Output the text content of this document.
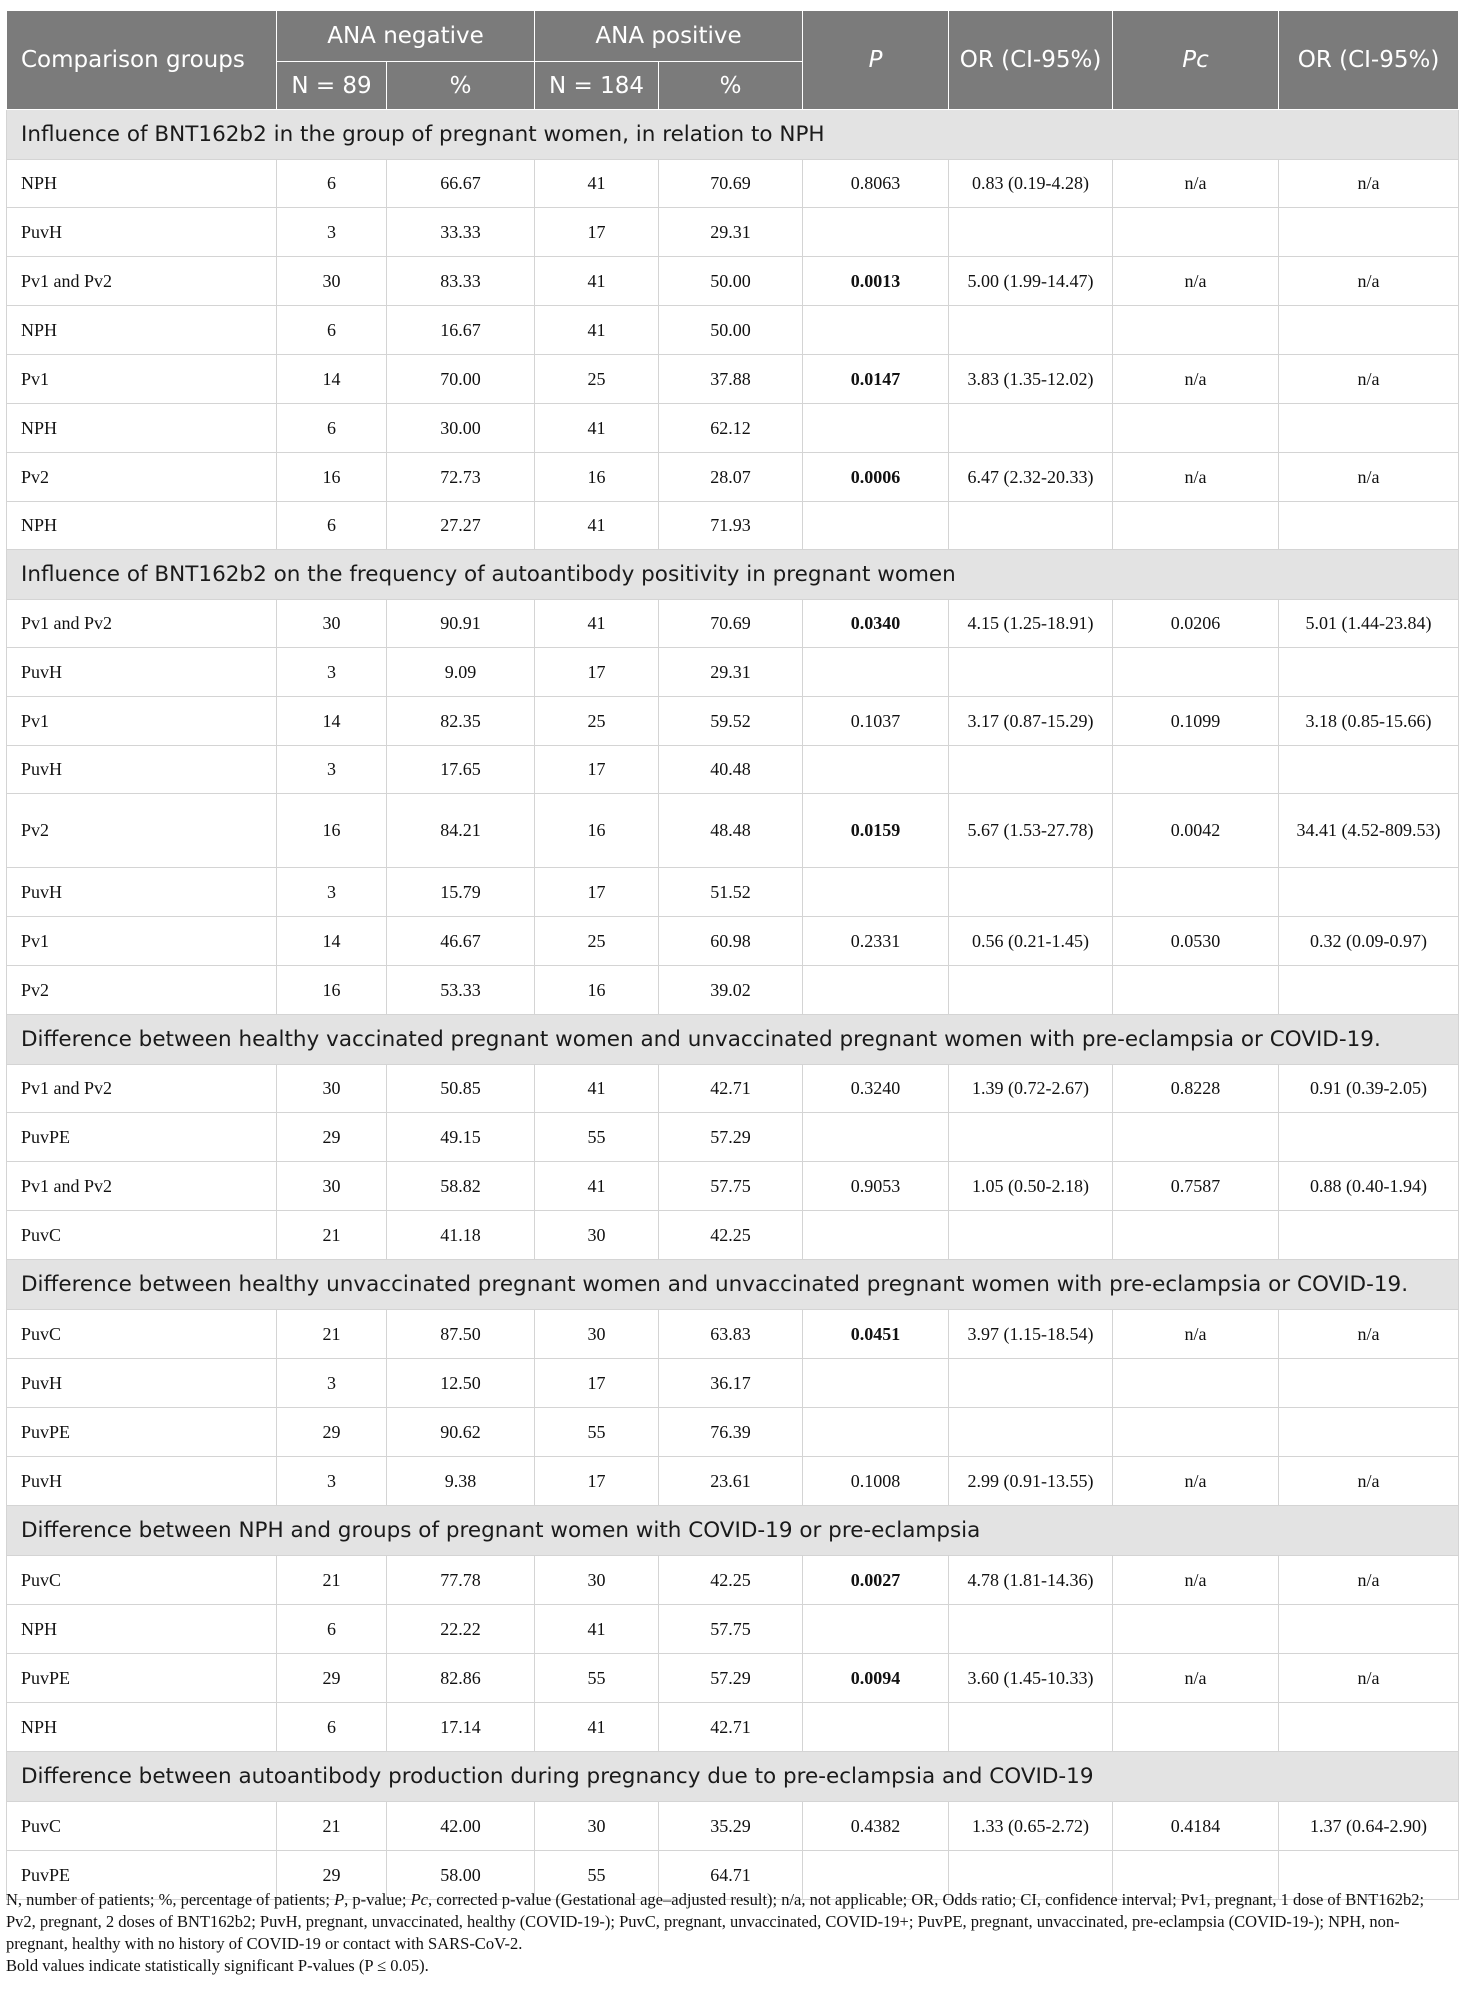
Comparison groups	ANA negative		ANA positive		P	OR (CI-95%)	Pc	OR (CI-95%)
	N = 89	%	N = 184	%				
Influence of BNT162b2 in the group of pregnant women, in relation to NPH								
NPH	6	66.67	41	70.69	0.8063	0.83 (0.19-4.28)	n/a	n/a
PuvH	3	33.33	17	29.31				
Pv1 and Pv2	30	83.33	41	50.00	0.0013	5.00 (1.99-14.47)	n/a	n/a
NPH	6	16.67	41	50.00				
Pv1	14	70.00	25	37.88	0.0147	3.83 (1.35-12.02)	n/a	n/a
NPH	6	30.00	41	62.12				
Pv2	16	72.73	16	28.07	0.0006	6.47 (2.32-20.33)	n/a	n/a
NPH	6	27.27	41	71.93				
Influence of BNT162b2 on the frequency of autoantibody positivity in pregnant women								
Pv1 and Pv2	30	90.91	41	70.69	0.0340	4.15 (1.25-18.91)	0.0206	5.01 (1.44-23.84)
PuvH	3	9.09	17	29.31				
Pv1	14	82.35	25	59.52	0.1037	3.17 (0.87-15.29)	0.1099	3.18 (0.85-15.66)
PuvH	3	17.65	17	40.48				
Pv2	16	84.21	16	48.48	0.0159	5.67 (1.53-27.78)	0.0042	34.41 (4.52-809.53)
PuvH	3	15.79	17	51.52				
Pv1	14	46.67	25	60.98	0.2331	0.56 (0.21-1.45)	0.0530	0.32 (0.09-0.97)
Pv2	16	53.33	16	39.02				
Difference between healthy vaccinated pregnant women and unvaccinated pregnant women with pre-eclampsia or COVID-19.								
Pv1 and Pv2	30	50.85	41	42.71	0.3240	1.39 (0.72-2.67)	0.8228	0.91 (0.39-2.05)
PuvPE	29	49.15	55	57.29				
Pv1 and Pv2	30	58.82	41	57.75	0.9053	1.05 (0.50-2.18)	0.7587	0.88 (0.40-1.94)
PuvC	21	41.18	30	42.25				
Difference between healthy unvaccinated pregnant women and unvaccinated pregnant women with pre-eclampsia or COVID-19.								
PuvC	21	87.50	30	63.83	0.0451	3.97 (1.15-18.54)	n/a	n/a
PuvH	3	12.50	17	36.17				
PuvPE	29	90.62	55	76.39				
PuvH	3	9.38	17	23.61	0.1008	2.99 (0.91-13.55)	n/a	n/a
Difference between NPH and groups of pregnant women with COVID-19 or pre-eclampsia								
PuvC	21	77.78	30	42.25	0.0027	4.78 (1.81-14.36)	n/a	n/a
NPH	6	22.22	41	57.75				
PuvPE	29	82.86	55	57.29	0.0094	3.60 (1.45-10.33)	n/a	n/a
NPH	6	17.14	41	42.71				
Difference between autoantibody production during pregnancy due to pre-eclampsia and COVID-19								
PuvC	21	42.00	30	35.29	0.4382	1.33 (0.65-2.72)	0.4184	1.37 (0.64-2.90)
PuvPE	29	58.00	55	64.71				

N, number of patients; %, percentage of patients; P, p-value; Pc, corrected p-value (Gestational age–adjusted result); n/a, not applicable; OR, Odds ratio; CI, confidence interval; Pv1, pregnant, 1 dose of BNT162b2; Pv2, pregnant, 2 doses of BNT162b2; PuvH, pregnant, unvaccinated, healthy (COVID-19-); PuvC, pregnant, unvaccinated, COVID-19+; PuvPE, pregnant, unvaccinated, pre-eclampsia (COVID-19-); NPH, non-pregnant, healthy with no history of COVID-19 or contact with SARS-CoV-2.

Bold values indicate statistically significant P-values (P ≤ 0.05).
